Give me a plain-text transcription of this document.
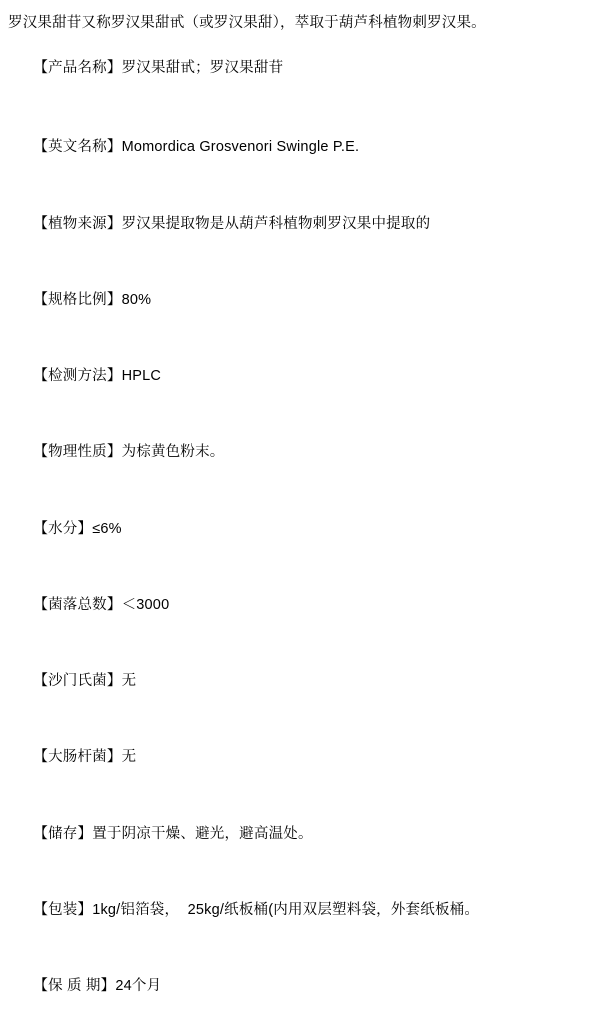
罗汉果甜苷又称罗汉果甜甙（或罗汉果甜），萃取于葫芦科植物刺罗汉果。

【产品名称】罗汉果甜甙；罗汉果甜苷

【英文名称】Momordica Grosvenori Swingle P.E.

【植物来源】罗汉果提取物是从葫芦科植物刺罗汉果中提取的

【规格比例】80%

【检测方法】HPLC

【物理性质】为棕黄色粉末。

【水分】≤6%

【菌落总数】＜3000

【沙门氏菌】无

【大肠杆菌】无

【储存】置于阴凉干燥、避光，避高温处。

【包装】1kg/铝箔袋，  25kg/纸板桶(内用双层塑料袋，外套纸板桶。

【保 质 期】24个月
